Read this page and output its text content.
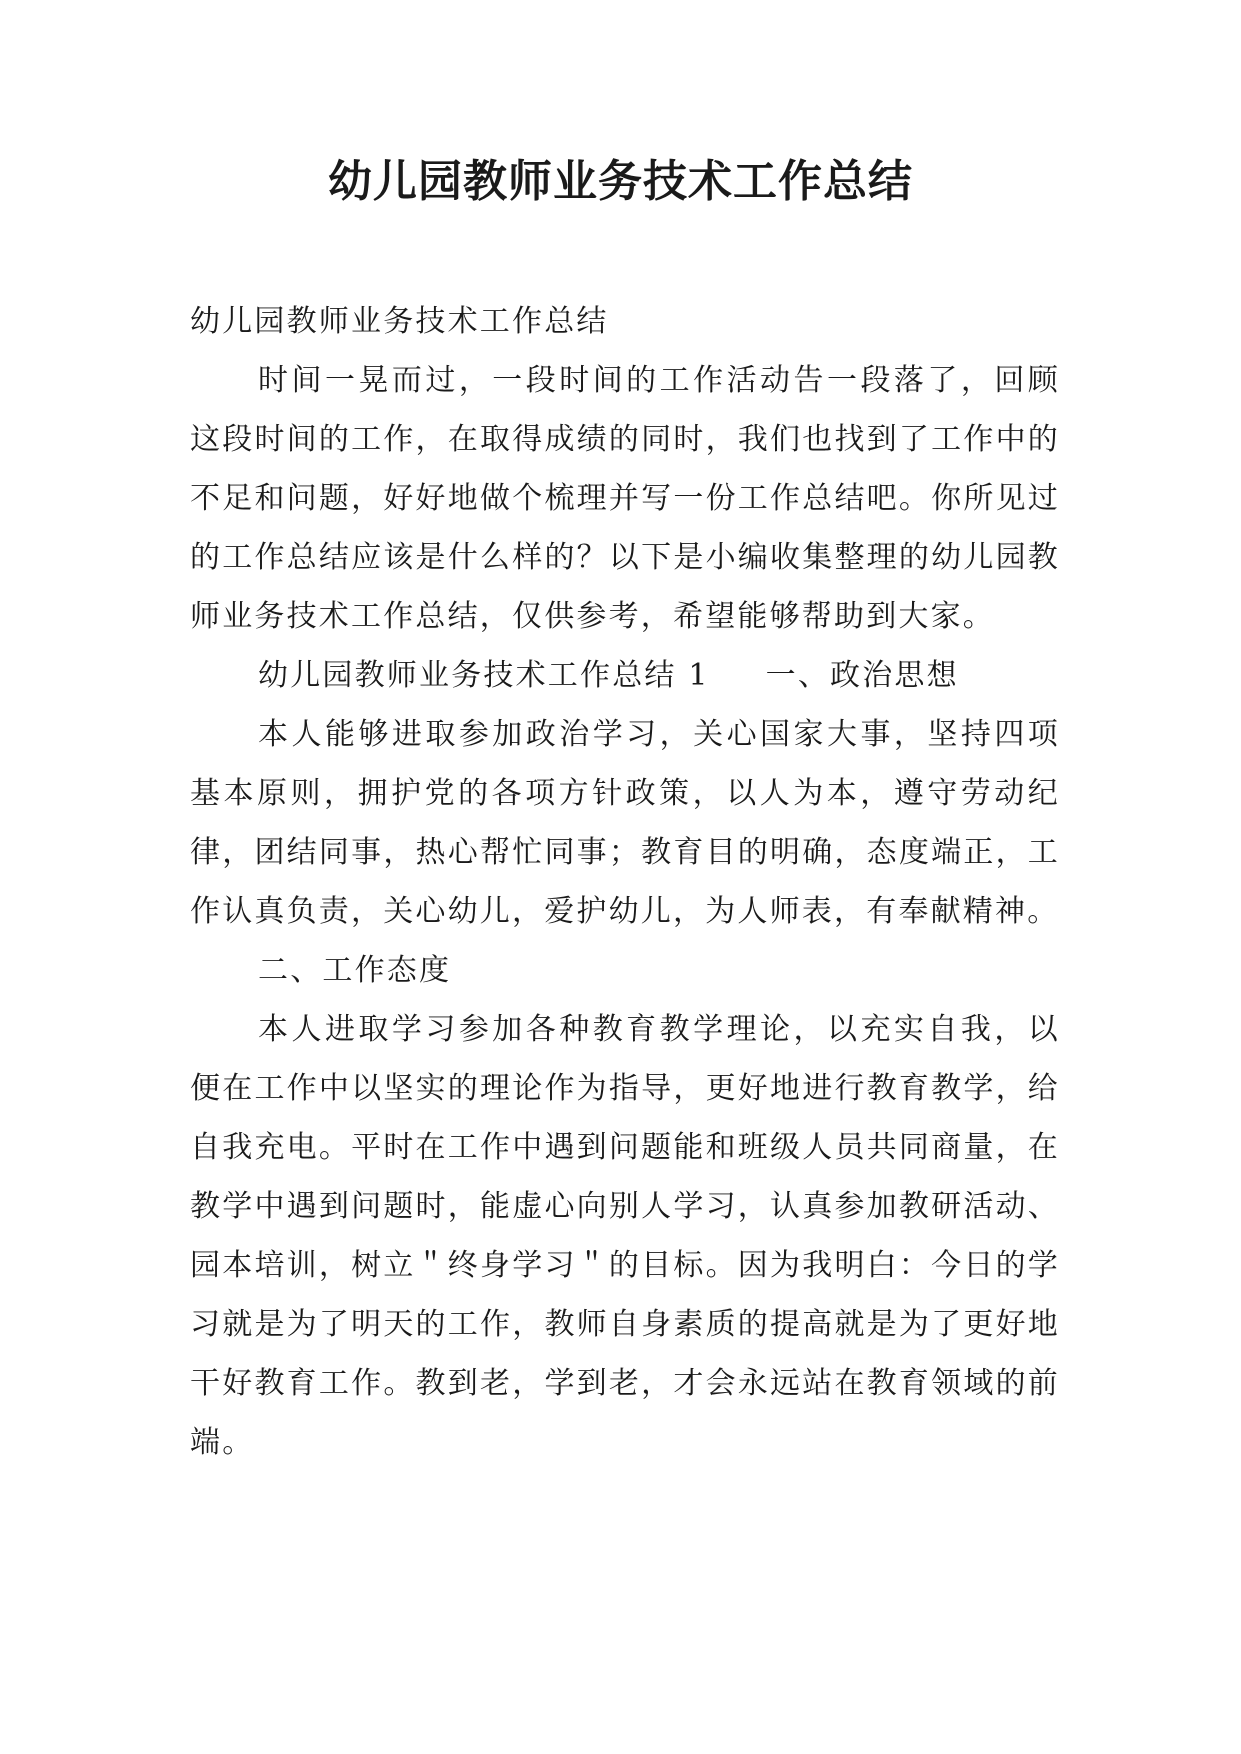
幼儿园教师业务技术工作总结

幼儿园教师业务技术工作总结

时间一晃而过，一段时间的工作活动告一段落了，回顾这段时间的工作，在取得成绩的同时，我们也找到了工作中的不足和问题，好好地做个梳理并写一份工作总结吧。你所见过的工作总结应该是什么样的？以下是小编收集整理的幼儿园教师业务技术工作总结，仅供参考，希望能够帮助到大家。

幼儿园教师业务技术工作总结 1 一、政治思想

本人能够进取参加政治学习，关心国家大事，坚持四项基本原则，拥护党的各项方针政策，以人为本，遵守劳动纪律，团结同事，热心帮忙同事；教育目的明确，态度端正，工作认真负责，关心幼儿，爱护幼儿，为人师表，有奉献精神。

二、工作态度

本人进取学习参加各种教育教学理论，以充实自我，以便在工作中以坚实的理论作为指导，更好地进行教育教学，给自我充电。平时在工作中遇到问题能和班级人员共同商量，在教学中遇到问题时，能虚心向别人学习，认真参加教研活动、园本培训，树立＂终身学习＂的目标。因为我明白：今日的学习就是为了明天的工作，教师自身素质的提高就是为了更好地干好教育工作。教到老，学到老，才会永远站在教育领域的前端。
